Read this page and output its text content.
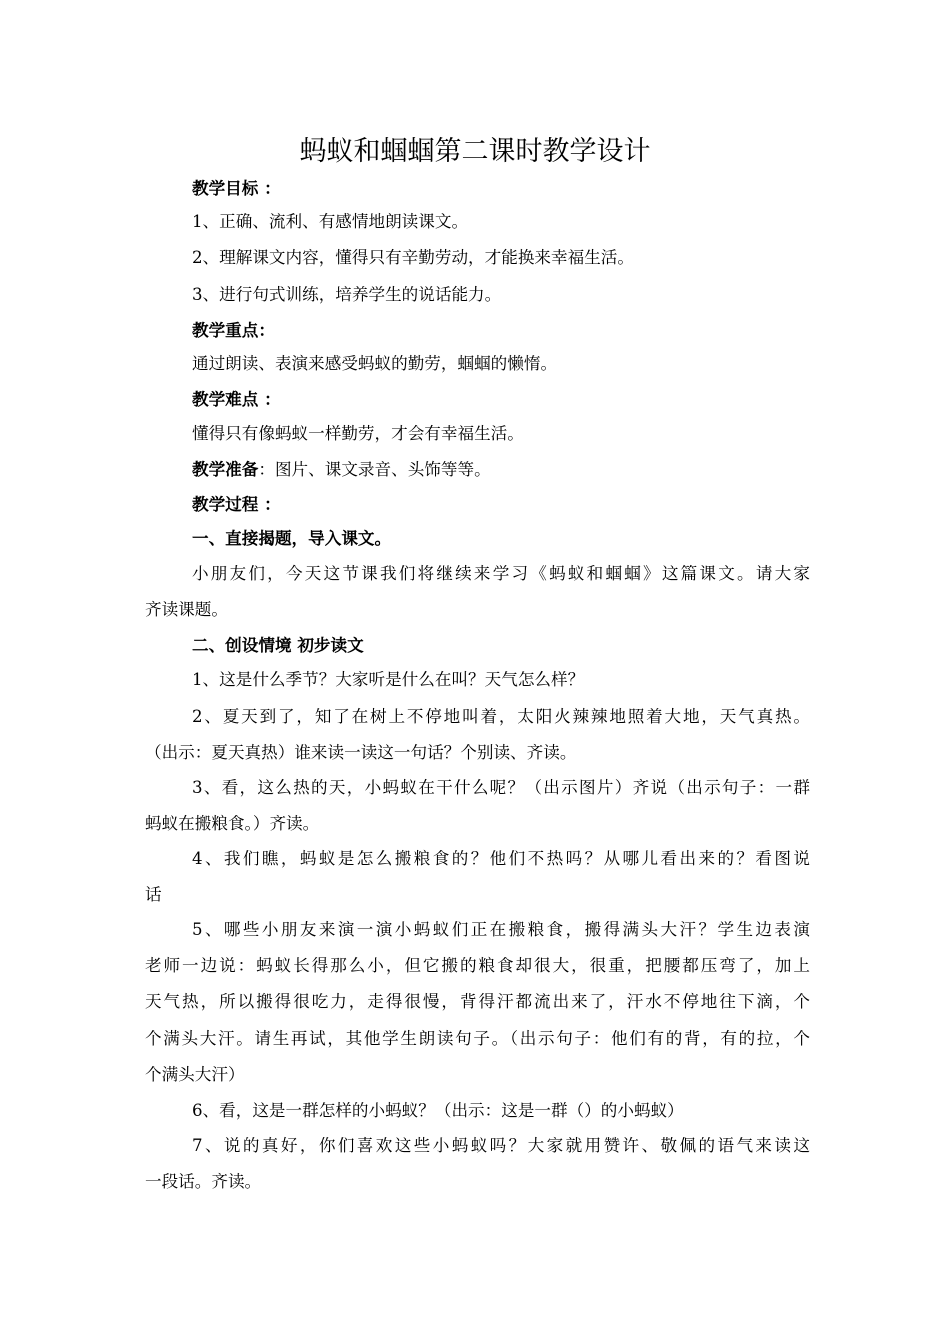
蚂蚁和蝈蝈第二课时教学设计
教学目标 ：
1、正确、流利、有感情地朗读课文。
2、理解课文内容，懂得只有辛勤劳动，才能换来幸福生活。
3、进行句式训练，培养学生的说话能力。
教学重点：
通过朗读、表演来感受蚂蚁的勤劳，蝈蝈的懒惰。
教学难点 ：
懂得只有像蚂蚁一样勤劳，才会有幸福生活。
教学准备：图片、课文录音、头饰等等。
教学过程 ：
一、直接揭题，导入课文。
小朋友们，今天这节课我们将继续来学习《蚂蚁和蝈蝈》这篇课文。请大家
齐读课题。
二、创设情境 初步读文
1、这是什么季节？大家听是什么在叫？天气怎么样？
2、夏天到了，知了在树上不停地叫着，太阳火辣辣地照着大地，天气真热。
（出示：夏天真热）谁来读一读这一句话？个别读、齐读。
3、看，这么热的天，小蚂蚁在干什么呢？（出示图片）齐说（出示句子：一群
蚂蚁在搬粮食。）齐读。
4、我们瞧，蚂蚁是怎么搬粮食的？他们不热吗？从哪儿看出来的？看图说
话
5、哪些小朋友来演一演小蚂蚁们正在搬粮食，搬得满头大汗？学生边表演
老师一边说：蚂蚁长得那么小，但它搬的粮食却很大，很重，把腰都压弯了，加上
天气热，所以搬得很吃力，走得很慢，背得汗都流出来了，汗水不停地往下滴，个
个满头大汗。请生再试，其他学生朗读句子。（出示句子：他们有的背，有的拉，个
个满头大汗）
6、看，这是一群怎样的小蚂蚁？（出示：这是一群（）的小蚂蚁）
7、说的真好，你们喜欢这些小蚂蚁吗？大家就用赞许、敬佩的语气来读这
一段话。齐读。
